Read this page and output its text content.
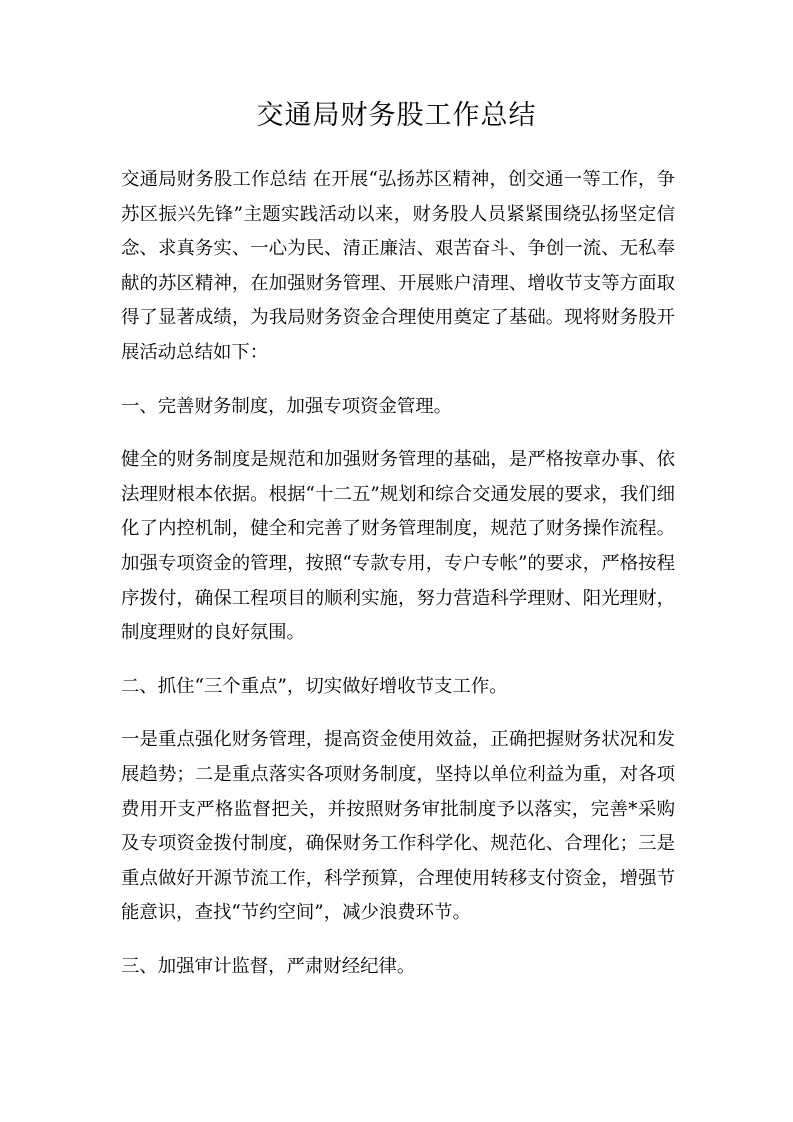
交通局财务股工作总结

交通局财务股工作总结 在开展“弘扬苏区精神，创交通一等工作，争苏区振兴先锋”主题实践活动以来，财务股人员紧紧围绕弘扬坚定信念、求真务实、一心为民、清正廉洁、艰苦奋斗、争创一流、无私奉献的苏区精神，在加强财务管理、开展账户清理、增收节支等方面取得了显著成绩，为我局财务资金合理使用奠定了基础。现将财务股开展活动总结如下：

一、完善财务制度，加强专项资金管理。

健全的财务制度是规范和加强财务管理的基础，是严格按章办事、依法理财根本依据。根据“十二五”规划和综合交通发展的要求，我们细化了内控机制，健全和完善了财务管理制度，规范了财务操作流程。加强专项资金的管理，按照“专款专用，专户专帐”的要求，严格按程序拨付，确保工程项目的顺利实施，努力营造科学理财、阳光理财，制度理财的良好氛围。

二、抓住“三个重点”，切实做好增收节支工作。

一是重点强化财务管理，提高资金使用效益，正确把握财务状况和发展趋势；二是重点落实各项财务制度，坚持以单位利益为重，对各项费用开支严格监督把关，并按照财务审批制度予以落实，完善*采购及专项资金拨付制度，确保财务工作科学化、规范化、合理化；三是重点做好开源节流工作，科学预算，合理使用转移支付资金，增强节能意识，查找“节约空间”，减少浪费环节。

三、加强审计监督，严肃财经纪律。
